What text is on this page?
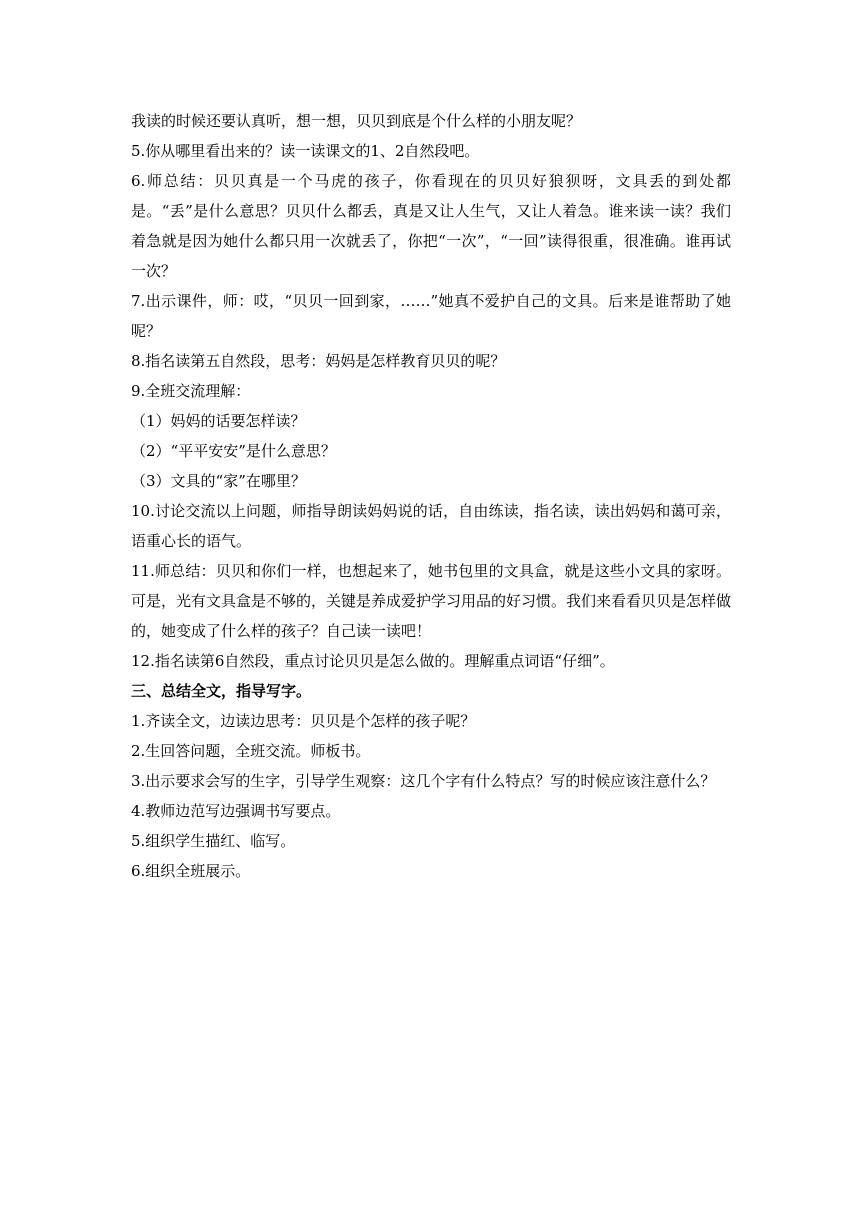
我读的时候还要认真听，想一想，贝贝到底是个什么样的小朋友呢？

5.你从哪里看出来的？读一读课文的1、2自然段吧。

6.师总结：贝贝真是一个马虎的孩子，你看现在的贝贝好狼狈呀，文具丢的到处都是。“丢”是什么意思？贝贝什么都丢，真是又让人生气，又让人着急。谁来读一读？我们着急就是因为她什么都只用一次就丢了，你把“一次”，“一回”读得很重，很准确。谁再试一次？

7.出示课件，师：哎，“贝贝一回到家，……”她真不爱护自己的文具。后来是谁帮助了她呢？

8.指名读第五自然段，思考：妈妈是怎样教育贝贝的呢？

9.全班交流理解：

（1）妈妈的话要怎样读？

（2）“平平安安”是什么意思？

（3）文具的“家”在哪里？

10.讨论交流以上问题，师指导朗读妈妈说的话，自由练读，指名读，读出妈妈和蔼可亲，语重心长的语气。

11.师总结：贝贝和你们一样，也想起来了，她书包里的文具盒，就是这些小文具的家呀。可是，光有文具盒是不够的，关键是养成爱护学习用品的好习惯。我们来看看贝贝是怎样做的，她变成了什么样的孩子？自己读一读吧！

12.指名读第6自然段，重点讨论贝贝是怎么做的。理解重点词语“仔细”。

三、总结全文，指导写字。

1.齐读全文，边读边思考：贝贝是个怎样的孩子呢？

2.生回答问题，全班交流。师板书。

3.出示要求会写的生字，引导学生观察：这几个字有什么特点？写的时候应该注意什么？

4.教师边范写边强调书写要点。

5.组织学生描红、临写。

6.组织全班展示。
